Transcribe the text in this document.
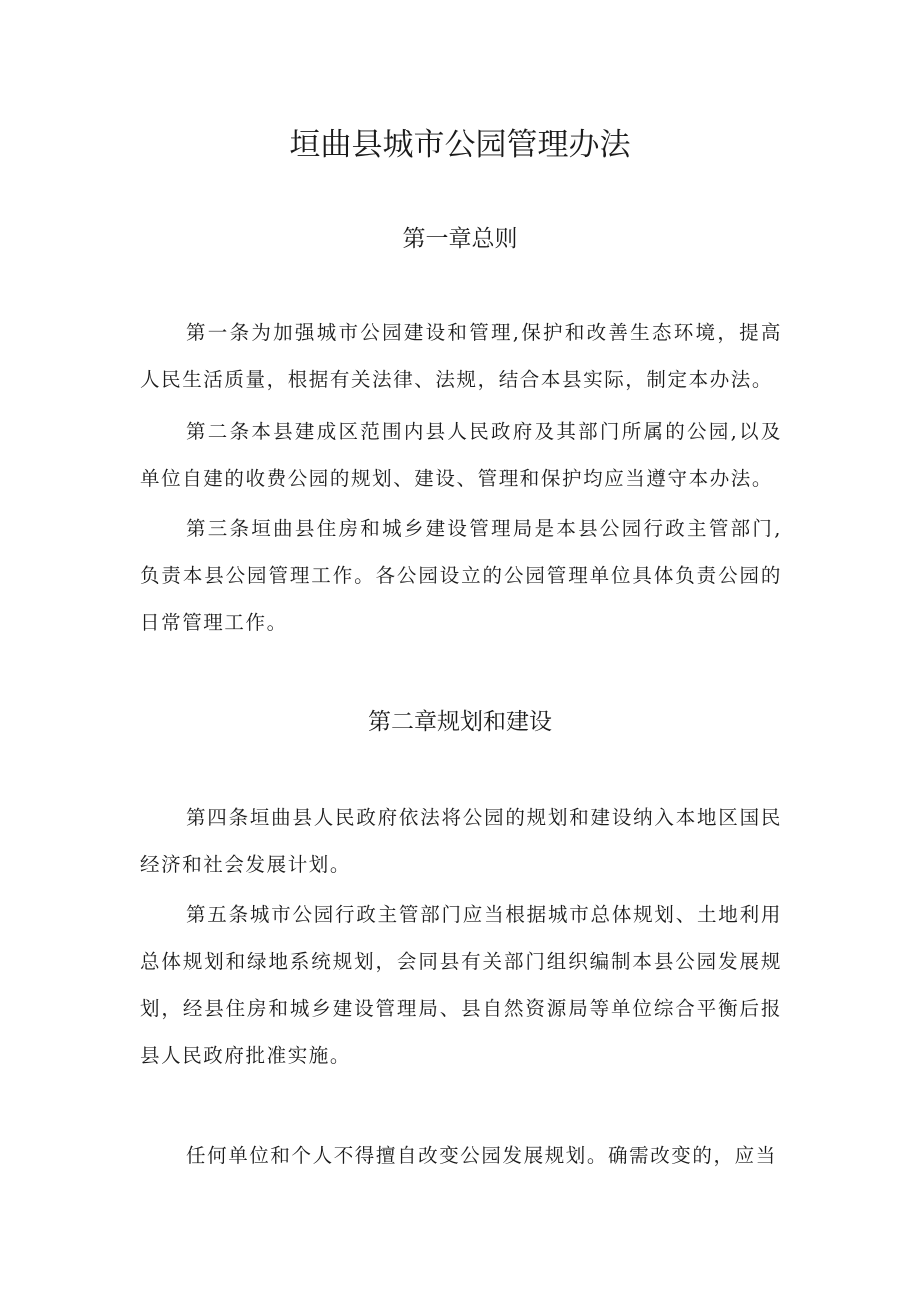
垣曲县城市公园管理办法
第一章总则

第一条为加强城市公园建设和管理,保护和改善生态环境，提高人民生活质量，根据有关法律、法规，结合本县实际，制定本办法。

第二条本县建成区范围内县人民政府及其部门所属的公园,以及单位自建的收费公园的规划、建设、管理和保护均应当遵守本办法。

第三条垣曲县住房和城乡建设管理局是本县公园行政主管部门,负责本县公园管理工作。各公园设立的公园管理单位具体负责公园的日常管理工作。

第二章规划和建设

第四条垣曲县人民政府依法将公园的规划和建设纳入本地区国民经济和社会发展计划。

第五条城市公园行政主管部门应当根据城市总体规划、土地利用总体规划和绿地系统规划，会同县有关部门组织编制本县公园发展规划，经县住房和城乡建设管理局、县自然资源局等单位综合平衡后报县人民政府批准实施。

任何单位和个人不得擅自改变公园发展规划。确需改变的，应当
